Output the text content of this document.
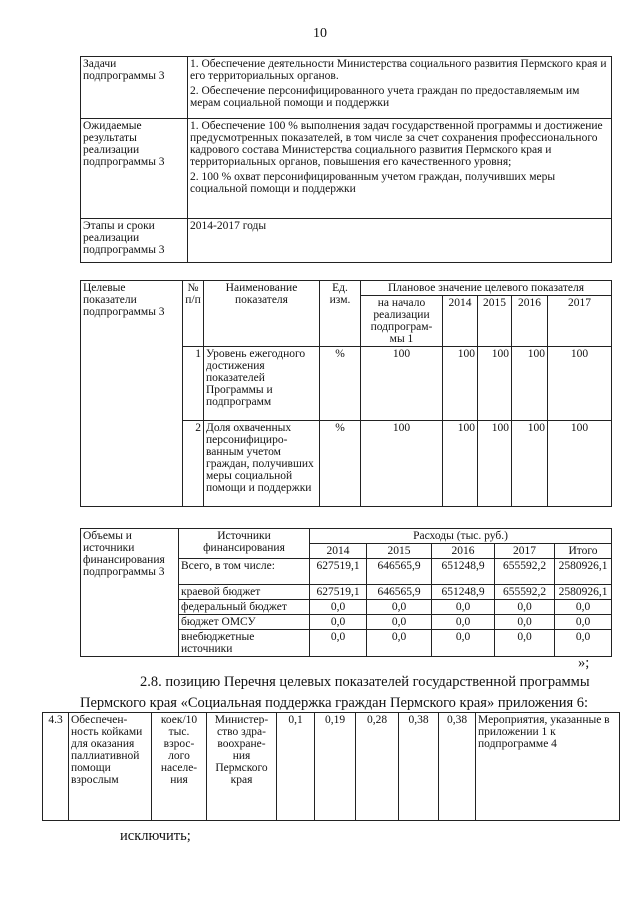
10
Задачи подпрограммы 3	1. Обеспечение деятельности Министерства социального развития Пермского края и его территориальных органов.
2. Обеспечение персонифицированного учета граждан по предоставляемым им мерам социальной помощи и поддержки

Ожидаемые результаты реализации подпрограммы 3	1. Обеспечение 100 % выполнения задач государственной программы и достижение предусмотренных показателей, в том числе за счет сохранения профессионального кадрового состава Министерства социального развития Пермского края и территориальных органов, повышения его качественного уровня;
2. 100 % охват персонифицированным учетом граждан, получивших меры социальной помощи и поддержки

Этапы и сроки реализации подпрограммы 3	2014-2017 годы
Целевые показатели подпрограммы 3	№ п/п	Наименование показателя	Ед. изм.	Плановое значение целевого показателя				
				на начало реализации подпрограм- мы 1	2014	2015	2016	2017
	1	Уровень ежегодного достижения показателей Программы и подпрограмм	%	100	100	100	100	100
	2	Доля охваченных персонифициро- ванным учетом граждан, получивших меры социальной помощи и поддержки	%	100	100	100	100	100
Объемы и источники финансирования подпрограммы 3	Источники финансирования	Расходы (тыс. руб.)				
		2014	2015	2016	2017	Итого
	Всего, в том числе:	627519,1	646565,9	651248,9	655592,2	2580926,1
	краевой бюджет	627519,1	646565,9	651248,9	655592,2	2580926,1
	федеральный бюджет	0,0	0,0	0,0	0,0	0,0
	бюджет ОМСУ	0,0	0,0	0,0	0,0	0,0
	внебюджетные источники	0,0	0,0	0,0	0,0	0,0
»;
2.8. позицию Перечня целевых показателей государственной программы
Пермского края «Социальная поддержка граждан Пермского края» приложения 6:
4.3	Обеспечен- ность койками для оказания паллиативной помощи взрослым	коек/10 тыс. взрос- лого населе- ния	Министер- ство здра- воохране- ния Пермского края	0,1	0,19	0,28	0,38	0,38	Мероприятия, указанные в приложении 1 к подпрограмме 4
исключить;
